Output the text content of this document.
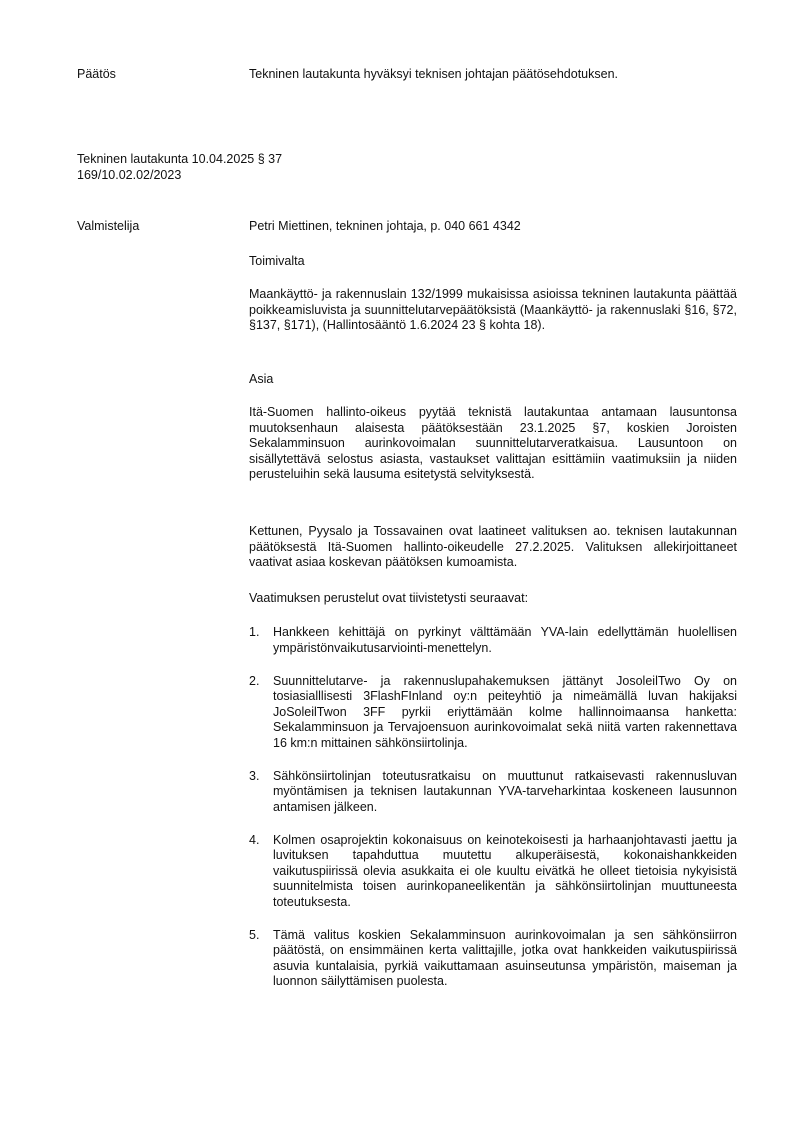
Päätös	Tekninen lautakunta hyväksyi teknisen johtajan päätösehdotuksen.
Tekninen lautakunta 10.04.2025 § 37
169/10.02.02/2023
Valmistelija	Petri Miettinen, tekninen johtaja, p. 040 661 4342
Toimivalta
Maankäyttö- ja rakennuslain 132/1999 mukaisissa asioissa tekninen lautakunta päättää poikkeamisluvista ja suunnittelutarvepäätöksistä (Maankäyttö- ja rakennuslaki §16, §72, §137, §171), (Hallintosääntö 1.6.2024 23 § kohta 18).
Asia
Itä-Suomen hallinto-oikeus pyytää teknistä lautakuntaa antamaan lausuntonsa muutoksenhaun alaisesta päätöksestään 23.1.2025 §7, koskien Joroisten Sekalamminsuon aurinkovoimalan suunnittelutarveratkaisua. Lausuntoon on sisällytettävä selostus asiasta, vastaukset valittajan esittämiin vaatimuksiin ja niiden perusteluihin sekä lausuma esitetystä selvityksestä.
Kettunen, Pyysalo ja Tossavainen ovat laatineet valituksen ao. teknisen lautakunnan päätöksestä Itä-Suomen hallinto-oikeudelle 27.2.2025. Valituksen allekirjoittaneet vaativat asiaa koskevan päätöksen kumoamista.
Vaatimuksen perustelut ovat tiivistetysti seuraavat:
1. Hankkeen kehittäjä on pyrkinyt välttämään YVA-lain edellyttämän huolellisen ympäristönvaikutusarviointi-menettelyn.
2. Suunnittelutarve- ja rakennuslupahakemuksen jättänyt JosoleilTwo Oy on tosiasialllisesti 3FlashFInland oy:n peiteyhtiö ja nimeämällä luvan hakijaksi JoSoleilTwon 3FF pyrkii eriyttämään kolme hallinnoimaansa hanketta: Sekalamminsuon ja Tervajoensuon aurinkovoimalat sekä niitä varten rakennettava 16 km:n mittainen sähkönsiirtolinja.
3. Sähkönsiirtolinjan toteutusratkaisu on muuttunut ratkaisevasti rakennusluvan myöntämisen ja teknisen lautakunnan YVA-tarveharkintaa koskeneen lausunnon antamisen jälkeen.
4. Kolmen osaprojektin kokonaisuus on keinotekoisesti ja harhaanjohtavasti jaettu ja luvituksen tapahduttua muutettu alkuperäisestä, kokonaishankkeiden vaikutuspiirissä olevia asukkaita ei ole kuultu eivätkä he olleet tietoisia nykyisistä suunnitelmista toisen aurinkopaneelikentän ja sähkönsiirtolinjan muuttuneesta toteutuksesta.
5. Tämä valitus koskien Sekalamminsuon aurinkovoimalan ja sen sähkönsiirron päätöstä, on ensimmäinen kerta valittajille, jotka ovat hankkeiden vaikutuspiirissä asuvia kuntalaisia, pyrkiä vaikuttamaan asuinseutunsa ympäristön, maiseman ja luonnon säilyttämisen puolesta.
